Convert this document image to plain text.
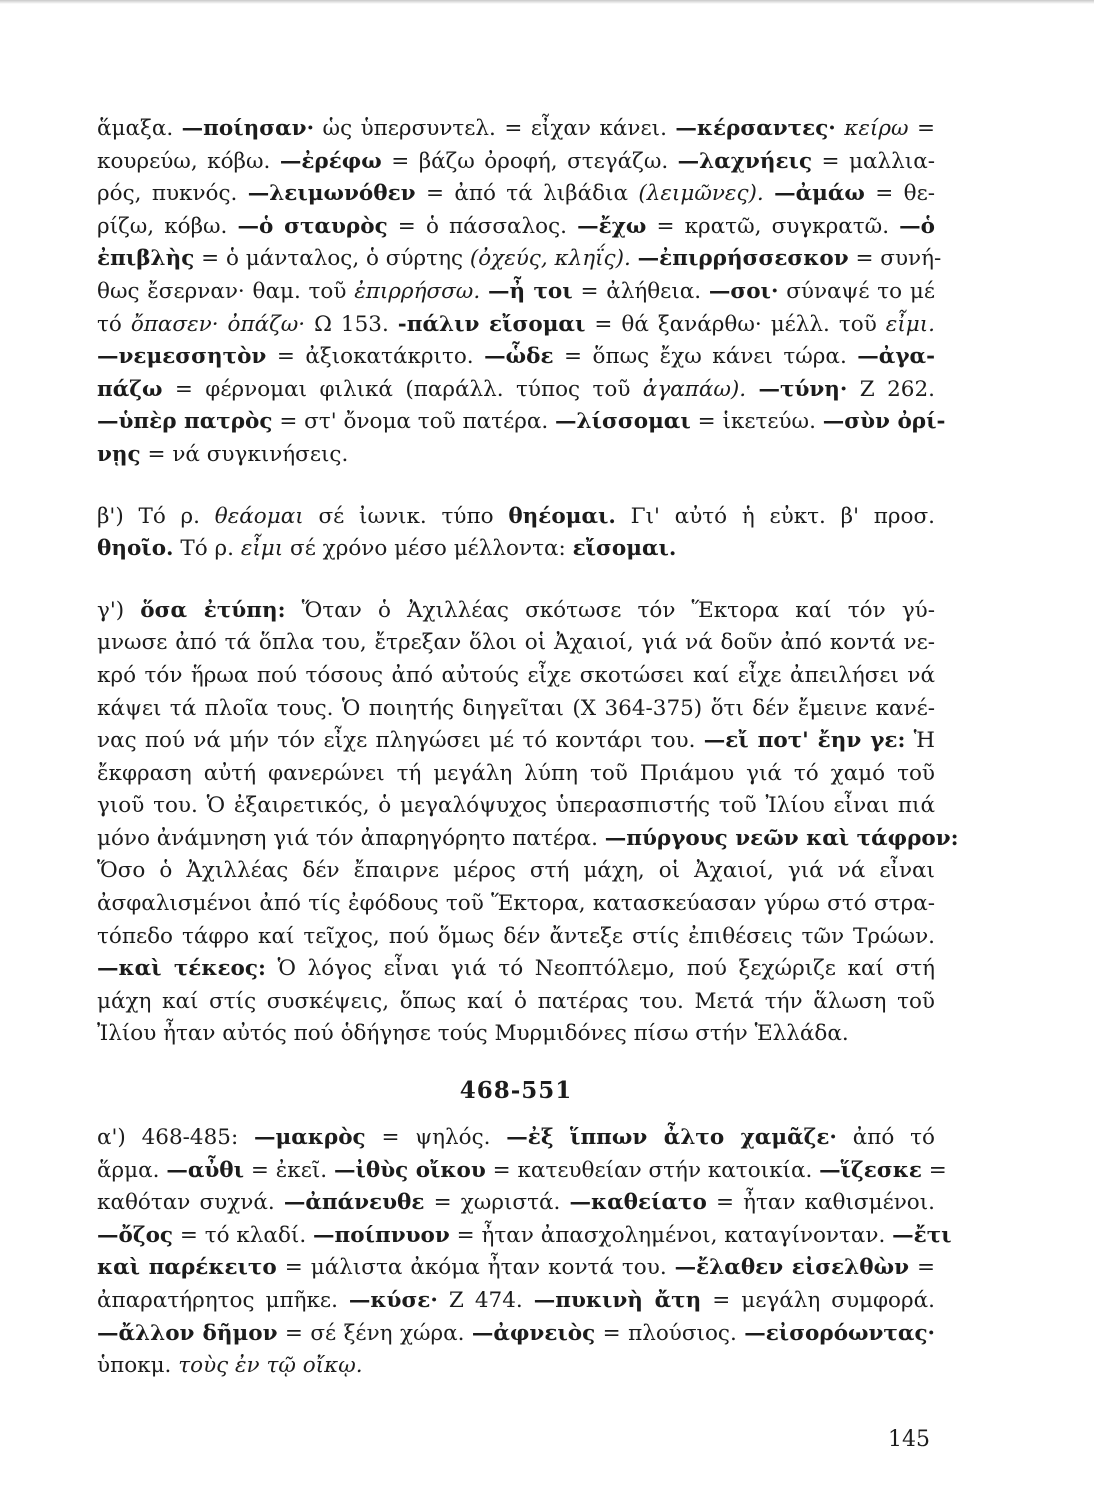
ἅμαξα. —ποίησαν· ὡς ὑπερσυντελ. = εἶχαν κάνει. —κέρσαντες· κείρω =
κουρεύω, κόβω. —ἐρέφω = βάζω ὀροφή, στεγάζω. —λαχνήεις = μαλλια-
ρός, πυκνός. —λειμωνόθεν = ἀπό τά λιβάδια (λειμῶνες). —ἀμάω = θε-
ρίζω, κόβω. —ὁ σταυρὸς = ὁ πάσσαλος. —ἔχω = κρατῶ, συγκρατῶ. —ὁ
ἐπιβλὴς = ὁ μάνταλος, ὁ σύρτης (ὀχεύς, κληΐς). —ἐπιρρήσσεσκον = συνή-
θως ἔσερναν· θαμ. τοῦ ἐπιρρήσσω. —ἦ τοι = ἀλήθεια. —σοι· σύναψέ το μέ
τό ὄπασεν· ὀπάζω· Ω 153. -πάλιν εἴσομαι = θά ξανάρθω· μέλλ. τοῦ εἶμι.
—νεμεσσητὸν = ἀξιοκατάκριτο. —ὧδε = ὅπως ἔχω κάνει τώρα. —ἀγα-
πάζω = φέρνομαι φιλικά (παράλλ. τύπος τοῦ ἀγαπάω). —τύνη· Ζ 262.
—ὑπὲρ πατρὸς = στ' ὄνομα τοῦ πατέρα. —λίσσομαι = ἱκετεύω. —σὺν ὀρί-
νῃς = νά συγκινήσεις.
β') Τό ρ. θεάομαι σέ ἰωνικ. τύπο θηέομαι. Γι' αὐτό ἡ εὐκτ. β' προσ.
θηοῖο. Τό ρ. εἶμι σέ χρόνο μέσο μέλλοντα: εἴσομαι.
γ') ὅσα ἐτύπη: Ὅταν ὁ Ἀχιλλέας σκότωσε τόν Ἕκτορα καί τόν γύ-
μνωσε ἀπό τά ὅπλα του, ἔτρεξαν ὅλοι οἱ Ἀχαιοί, γιά νά δοῦν ἀπό κοντά νε-
κρό τόν ἥρωα πού τόσους ἀπό αὐτούς εἶχε σκοτώσει καί εἶχε ἀπειλήσει νά
κάψει τά πλοῖα τους. Ὁ ποιητής διηγεῖται (Χ 364-375) ὅτι δέν ἔμεινε κανέ-
νας πού νά μήν τόν εἶχε πληγώσει μέ τό κοντάρι του. —εἴ ποτ' ἔην γε: Ἡ
ἔκφραση αὐτή φανερώνει τή μεγάλη λύπη τοῦ Πριάμου γιά τό χαμό τοῦ
γιοῦ του. Ὁ ἐξαιρετικός, ὁ μεγαλόψυχος ὑπερασπιστής τοῦ Ἰλίου εἶναι πιά
μόνο ἀνάμνηση γιά τόν ἀπαρηγόρητο πατέρα. —πύργους νεῶν καὶ τάφρον:
Ὅσο ὁ Ἀχιλλέας δέν ἔπαιρνε μέρος στή μάχη, οἱ Ἀχαιοί, γιά νά εἶναι
ἀσφαλισμένοι ἀπό τίς ἐφόδους τοῦ Ἕκτορα, κατασκεύασαν γύρω στό στρα-
τόπεδο τάφρο καί τεῖχος, πού ὅμως δέν ἄντεξε στίς ἐπιθέσεις τῶν Τρώων.
—καὶ τέκεος: Ὁ λόγος εἶναι γιά τό Νεοπτόλεμο, πού ξεχώριζε καί στή
μάχη καί στίς συσκέψεις, ὅπως καί ὁ πατέρας του. Μετά τήν ἅλωση τοῦ
Ἰλίου ἦταν αὐτός πού ὁδήγησε τούς Μυρμιδόνες πίσω στήν Ἑλλάδα.
468-551
α') 468-485: —μακρὸς = ψηλός. —ἐξ ἵππων ἆλτο χαμᾶζε· ἀπό τό
ἅρμα. —αὖθι = ἐκεῖ. —ἰθὺς οἴκου = κατευθείαν στήν κατοικία. —ἵζεσκε =
καθόταν συχνά. —ἀπάνευθε = χωριστά. —καθείατο = ἦταν καθισμένοι.
—ὄζος = τό κλαδί. —ποίπνυον = ἦταν ἀπασχολημένοι, καταγίνονταν. —ἔτι
καὶ παρέκειτο = μάλιστα ἀκόμα ἦταν κοντά του. —ἔλαθεν εἰσελθὼν =
ἀπαρατήρητος μπῆκε. —κύσε· Ζ 474. —πυκινὴ ἄτη = μεγάλη συμφορά.
—ἄλλον δῆμον = σέ ξένη χώρα. —ἀφνειὸς = πλούσιος. —εἰσορόωντας·
ὑποκμ. τοὺς ἐν τῷ οἴκῳ.
145
